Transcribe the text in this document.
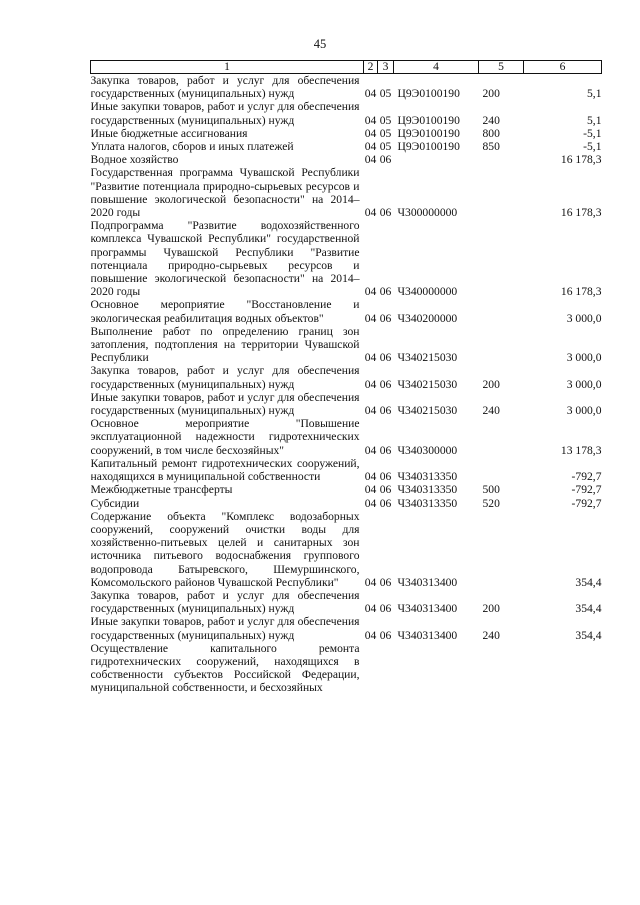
45
1	2	3	4	5	6
Закупка товаров, работ и услуг для обеспечения государственных (муниципальных) нужд	04	05	Ц9Э0100190	200	5,1
Иные закупки товаров, работ и услуг для обеспечения государственных (муниципальных) нужд	04	05	Ц9Э0100190	240	5,1
Иные бюджетные ассигнования	04	05	Ц9Э0100190	800	-5,1
Уплата налогов, сборов и иных платежей	04	05	Ц9Э0100190	850	-5,1
Водное хозяйство	04	06			16 178,3
Государственная программа Чувашской Республики "Развитие потенциала природно-сырьевых ресурсов и повышение экологической безопасности" на 2014–2020 годы	04	06	Ч300000000		16 178,3
Подпрограмма "Развитие водохозяйственного комплекса Чувашской Республики" государственной программы Чувашской Республики "Развитие потенциала природно-сырьевых ресурсов и повышение экологической безопасности" на 2014–2020 годы	04	06	Ч340000000		16 178,3
Основное мероприятие "Восстановление и экологическая реабилитация водных объектов"	04	06	Ч340200000		3 000,0
Выполнение работ по определению границ зон затопления, подтопления на территории Чувашской Республики	04	06	Ч340215030		3 000,0
Закупка товаров, работ и услуг для обеспечения государственных (муниципальных) нужд	04	06	Ч340215030	200	3 000,0
Иные закупки товаров, работ и услуг для обеспечения государственных (муниципальных) нужд	04	06	Ч340215030	240	3 000,0
Основное мероприятие "Повышение эксплуатационной надежности гидротехнических сооружений, в том числе бесхозяйных"	04	06	Ч340300000		13 178,3
Капитальный ремонт гидротехнических сооружений, находящихся в муниципальной собственности	04	06	Ч340313350		-792,7
Межбюджетные трансферты	04	06	Ч340313350	500	-792,7
Субсидии	04	06	Ч340313350	520	-792,7
Содержание объекта "Комплекс водозаборных сооружений, сооружений очистки воды для хозяйственно-питьевых целей и санитарных зон источника питьевого водоснабжения группового водопровода Батыревского, Шемуршинского, Комсомольского районов Чувашской Республики"	04	06	Ч340313400		354,4
Закупка товаров, работ и услуг для обеспечения государственных (муниципальных) нужд	04	06	Ч340313400	200	354,4
Иные закупки товаров, работ и услуг для обеспечения государственных (муниципальных) нужд	04	06	Ч340313400	240	354,4
Осуществление капитального ремонта гидротехнических сооружений, находящихся в собственности субъектов Российской Федерации, муниципальной собственности, и бесхозяйных					
